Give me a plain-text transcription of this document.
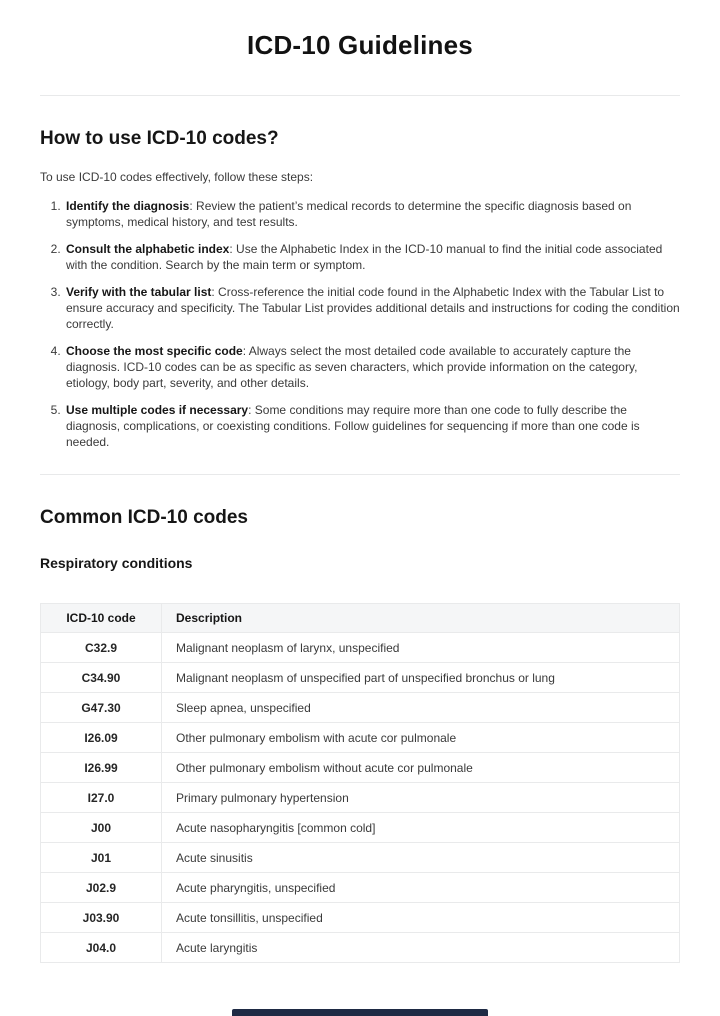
ICD-10 Guidelines
How to use ICD-10 codes?

To use ICD-10 codes effectively, follow these steps:

1. Identify the diagnosis: Review the patient’s medical records to determine the specific diagnosis based on symptoms, medical history, and test results.
2. Consult the alphabetic index: Use the Alphabetic Index in the ICD-10 manual to find the initial code associated with the condition. Search by the main term or symptom.
3. Verify with the tabular list: Cross-reference the initial code found in the Alphabetic Index with the Tabular List to ensure accuracy and specificity. The Tabular List provides additional details and instructions for coding the condition correctly.
4. Choose the most specific code: Always select the most detailed code available to accurately capture the diagnosis. ICD-10 codes can be as specific as seven characters, which provide information on the category, etiology, body part, severity, and other details.
5. Use multiple codes if necessary: Some conditions may require more than one code to fully describe the diagnosis, complications, or coexisting conditions. Follow guidelines for sequencing if more than one code is needed.
Common ICD-10 codes
Respiratory conditions
ICD-10 code	Description
C32.9	Malignant neoplasm of larynx, unspecified
C34.90	Malignant neoplasm of unspecified part of unspecified bronchus or lung
G47.30	Sleep apnea, unspecified
I26.09	Other pulmonary embolism with acute cor pulmonale
I26.99	Other pulmonary embolism without acute cor pulmonale
I27.0	Primary pulmonary hypertension
J00	Acute nasopharyngitis [common cold]
J01	Acute sinusitis
J02.9	Acute pharyngitis, unspecified
J03.90	Acute tonsillitis, unspecified
J04.0	Acute laryngitis
